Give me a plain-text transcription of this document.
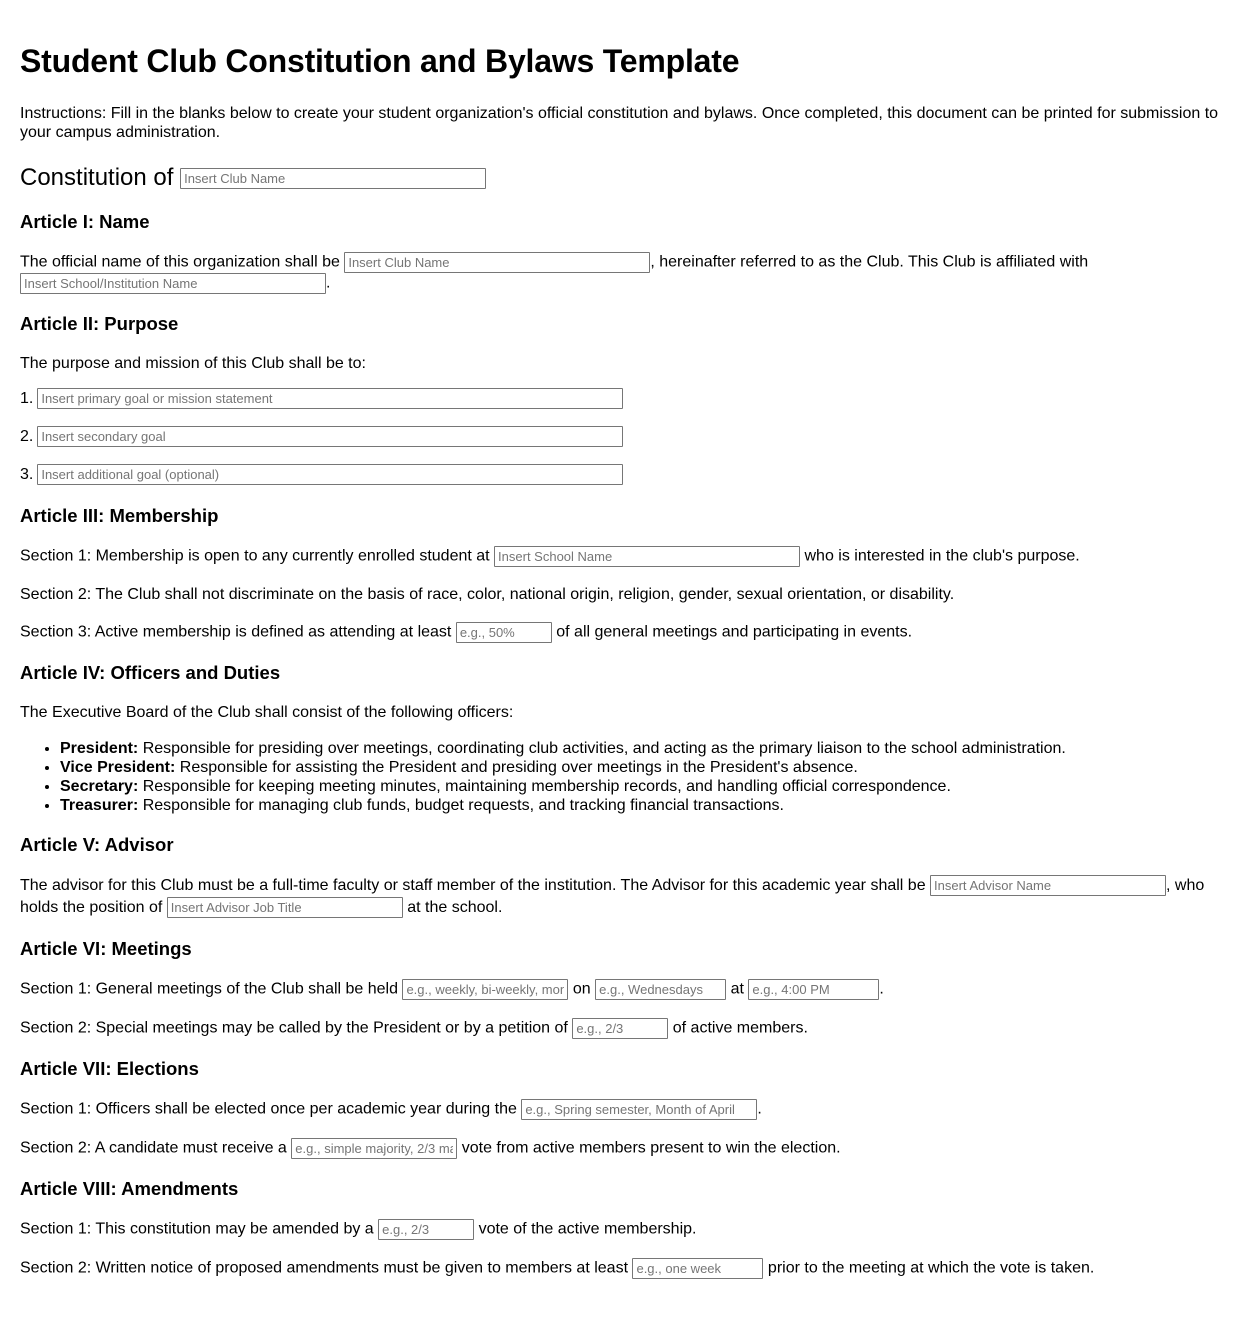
Student Club Constitution and Bylaws Template

Instructions: Fill in the blanks below to create your student organization's official constitution and bylaws. Once completed, this document can be printed for submission to your campus administration.

Constitution of Insert Club Name
Article I: Name

The official name of this organization shall be Insert Club Name	, hereinafter referred to as the Club. This Club is affiliated with Insert School/Institution Name.

Article II: Purpose

The purpose and mission of this Club shall be to:

1.
Insert primary goal or mission statement
2.
Insert secondary goal
3.
Insert additional goal (optional)
Article III: Membership

Section 1: Membership is open to any currently enrolled student at Insert School Name	who is interested in the club's purpose.

Section 2: The Club shall not discriminate on the basis of race, color, national origin, religion, gender, sexual orientation, or disability.

Section 3: Active membership is defined as attending at least e.g., 50%	of all general meetings and participating in events.

Article IV: Officers and Duties

The Executive Board of the Club shall consist of the following officers:

• President: Responsible for presiding over meetings, coordinating club activities, and acting as the primary liaison to the school administration.
• Vice President: Responsible for assisting the President and presiding over meetings in the President's absence.
• Secretary: Responsible for keeping meeting minutes, maintaining membership records, and handling official correspondence.
• Treasurer: Responsible for managing club funds, budget requests, and tracking financial transactions.
Article V: Advisor

The advisor for this Club must be a full-time faculty or staff member of the institution. The Advisor for this academic year shall be Insert Advisor Name	, who holds the position of Insert Advisor Job Title	at the school.

Article VI: Meetings

Section 1: General meetings of the Club shall be held e.g., weekly, bi-weekly, monthly	on e.g., Wednesdays	at e.g., 4:00 PM	.

Section 2: Special meetings may be called by the President or by a petition of e.g., 2/3	of active members.

Article VII: Elections

Section 1: Officers shall be elected once per academic year during the e.g., Spring semester, Month of April	.

Section 2: A candidate must receive a e.g., simple majority, 2/3 majority	vote from active members present to win the election.

Article VIII: Amendments

Section 1: This constitution may be amended by a e.g., 2/3	vote of the active membership.

Section 2: Written notice of proposed amendments must be given to members at least e.g., one week	prior to the meeting at which the vote is taken.
